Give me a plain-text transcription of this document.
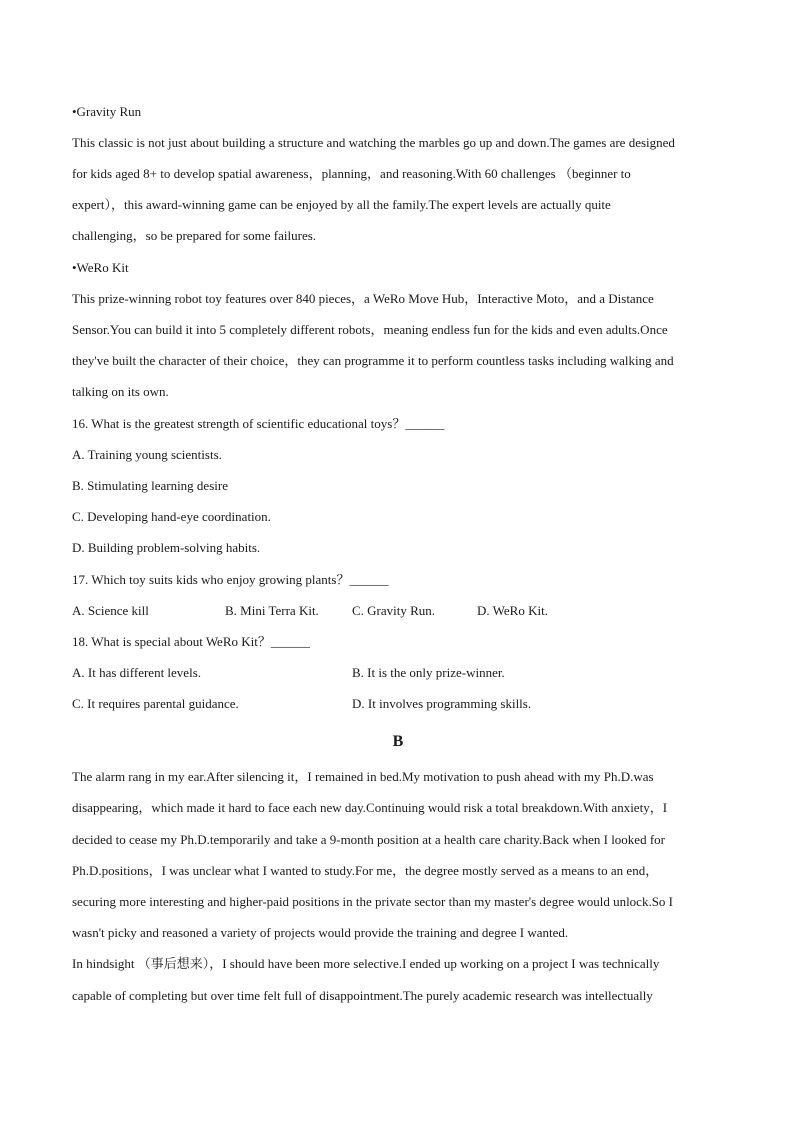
•Gravity Run
This classic is not just about building a structure and watching the marbles go up and down.The games are designed
for kids aged 8+ to develop spatial awareness，planning，and reasoning.With 60 challenges （beginner to
expert），this award-winning game can be enjoyed by all the family.The expert levels are actually quite
challenging，so be prepared for some failures.
•WeRo Kit
This prize-winning robot toy features over 840 pieces，a WeRo Move Hub，Interactive Moto，and a Distance
Sensor.You can build it into 5 completely different robots，meaning endless fun for the kids and even adults.Once
they've built the character of their choice，they can programme it to perform countless tasks including walking and
talking on its own.
16. What is the greatest strength of scientific educational toys？______
A. Training young scientists.
B. Stimulating learning desire
C. Developing hand-eye coordination.
D. Building problem-solving habits.
17. Which toy suits kids who enjoy growing plants？______
A. Science kill	B. Mini Terra Kit.	C. Gravity Run.	D. WeRo Kit.
18. What is special about WeRo Kit？______
A. It has different levels.	B. It is the only prize-winner.
C. It requires parental guidance.	D. It involves programming skills.
B
The alarm rang in my ear.After silencing it，I remained in bed.My motivation to push ahead with my Ph.D.was
disappearing，which made it hard to face each new day.Continuing would risk a total breakdown.With anxiety，I
decided to cease my Ph.D.temporarily and take a 9-month position at a health care charity.Back when I looked for
Ph.D.positions，I was unclear what I wanted to study.For me，the degree mostly served as a means to an end，
securing more interesting and higher-paid positions in the private sector than my master's degree would unlock.So I
wasn't picky and reasoned a variety of projects would provide the training and degree I wanted.
In hindsight （事后想来），I should have been more selective.I ended up working on a project I was technically
capable of completing but over time felt full of disappointment.The purely academic research was intellectually
